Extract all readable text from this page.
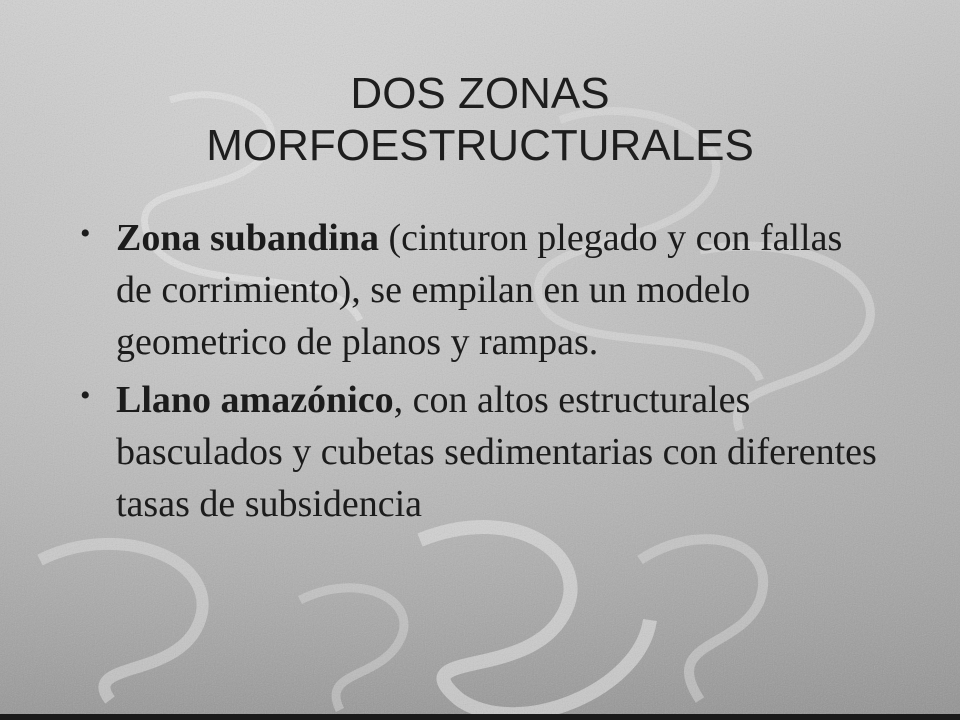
DOS ZONAS
MORFOESTRUCTURALES
• Zona subandina (cinturon plegado y con fallas de corrimiento), se empilan en un modelo geometrico de planos y rampas.
• Llano amazónico, con altos estructurales basculados y cubetas sedimentarias con diferentes tasas de subsidencia
